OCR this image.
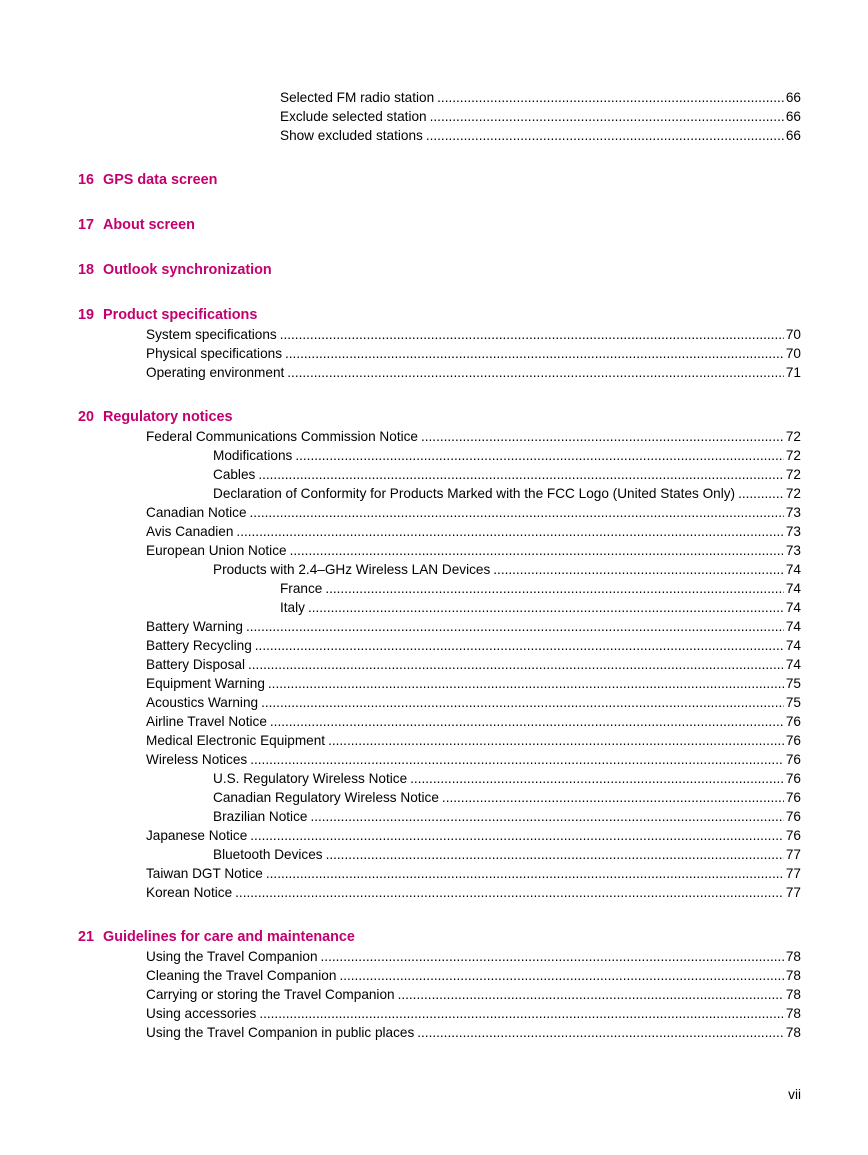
Selected FM radio station .....	66
Exclude selected station .....	66
Show excluded stations .....	66
16 GPS data screen
17 About screen
18 Outlook synchronization
19 Product specifications
System specifications .....	70
Physical specifications .....	70
Operating environment .....	71
20 Regulatory notices
Federal Communications Commission Notice .....	72
Modifications .....	72
Cables .....	72
Declaration of Conformity for Products Marked with the FCC Logo (United States Only) .....	72
Canadian Notice .....	73
Avis Canadien .....	73
European Union Notice .....	73
Products with 2.4–GHz Wireless LAN Devices .....	74
France .....	74
Italy .....	74
Battery Warning .....	74
Battery Recycling .....	74
Battery Disposal .....	74
Equipment Warning .....	75
Acoustics Warning .....	75
Airline Travel Notice .....	76
Medical Electronic Equipment .....	76
Wireless Notices .....	76
U.S. Regulatory Wireless Notice .....	76
Canadian Regulatory Wireless Notice .....	76
Brazilian Notice .....	76
Japanese Notice .....	76
Bluetooth Devices .....	77
Taiwan DGT Notice .....	77
Korean Notice .....	77
21 Guidelines for care and maintenance
Using the Travel Companion .....	78
Cleaning the Travel Companion .....	78
Carrying or storing the Travel Companion .....	78
Using accessories .....	78
Using the Travel Companion in public places .....	78
vii
